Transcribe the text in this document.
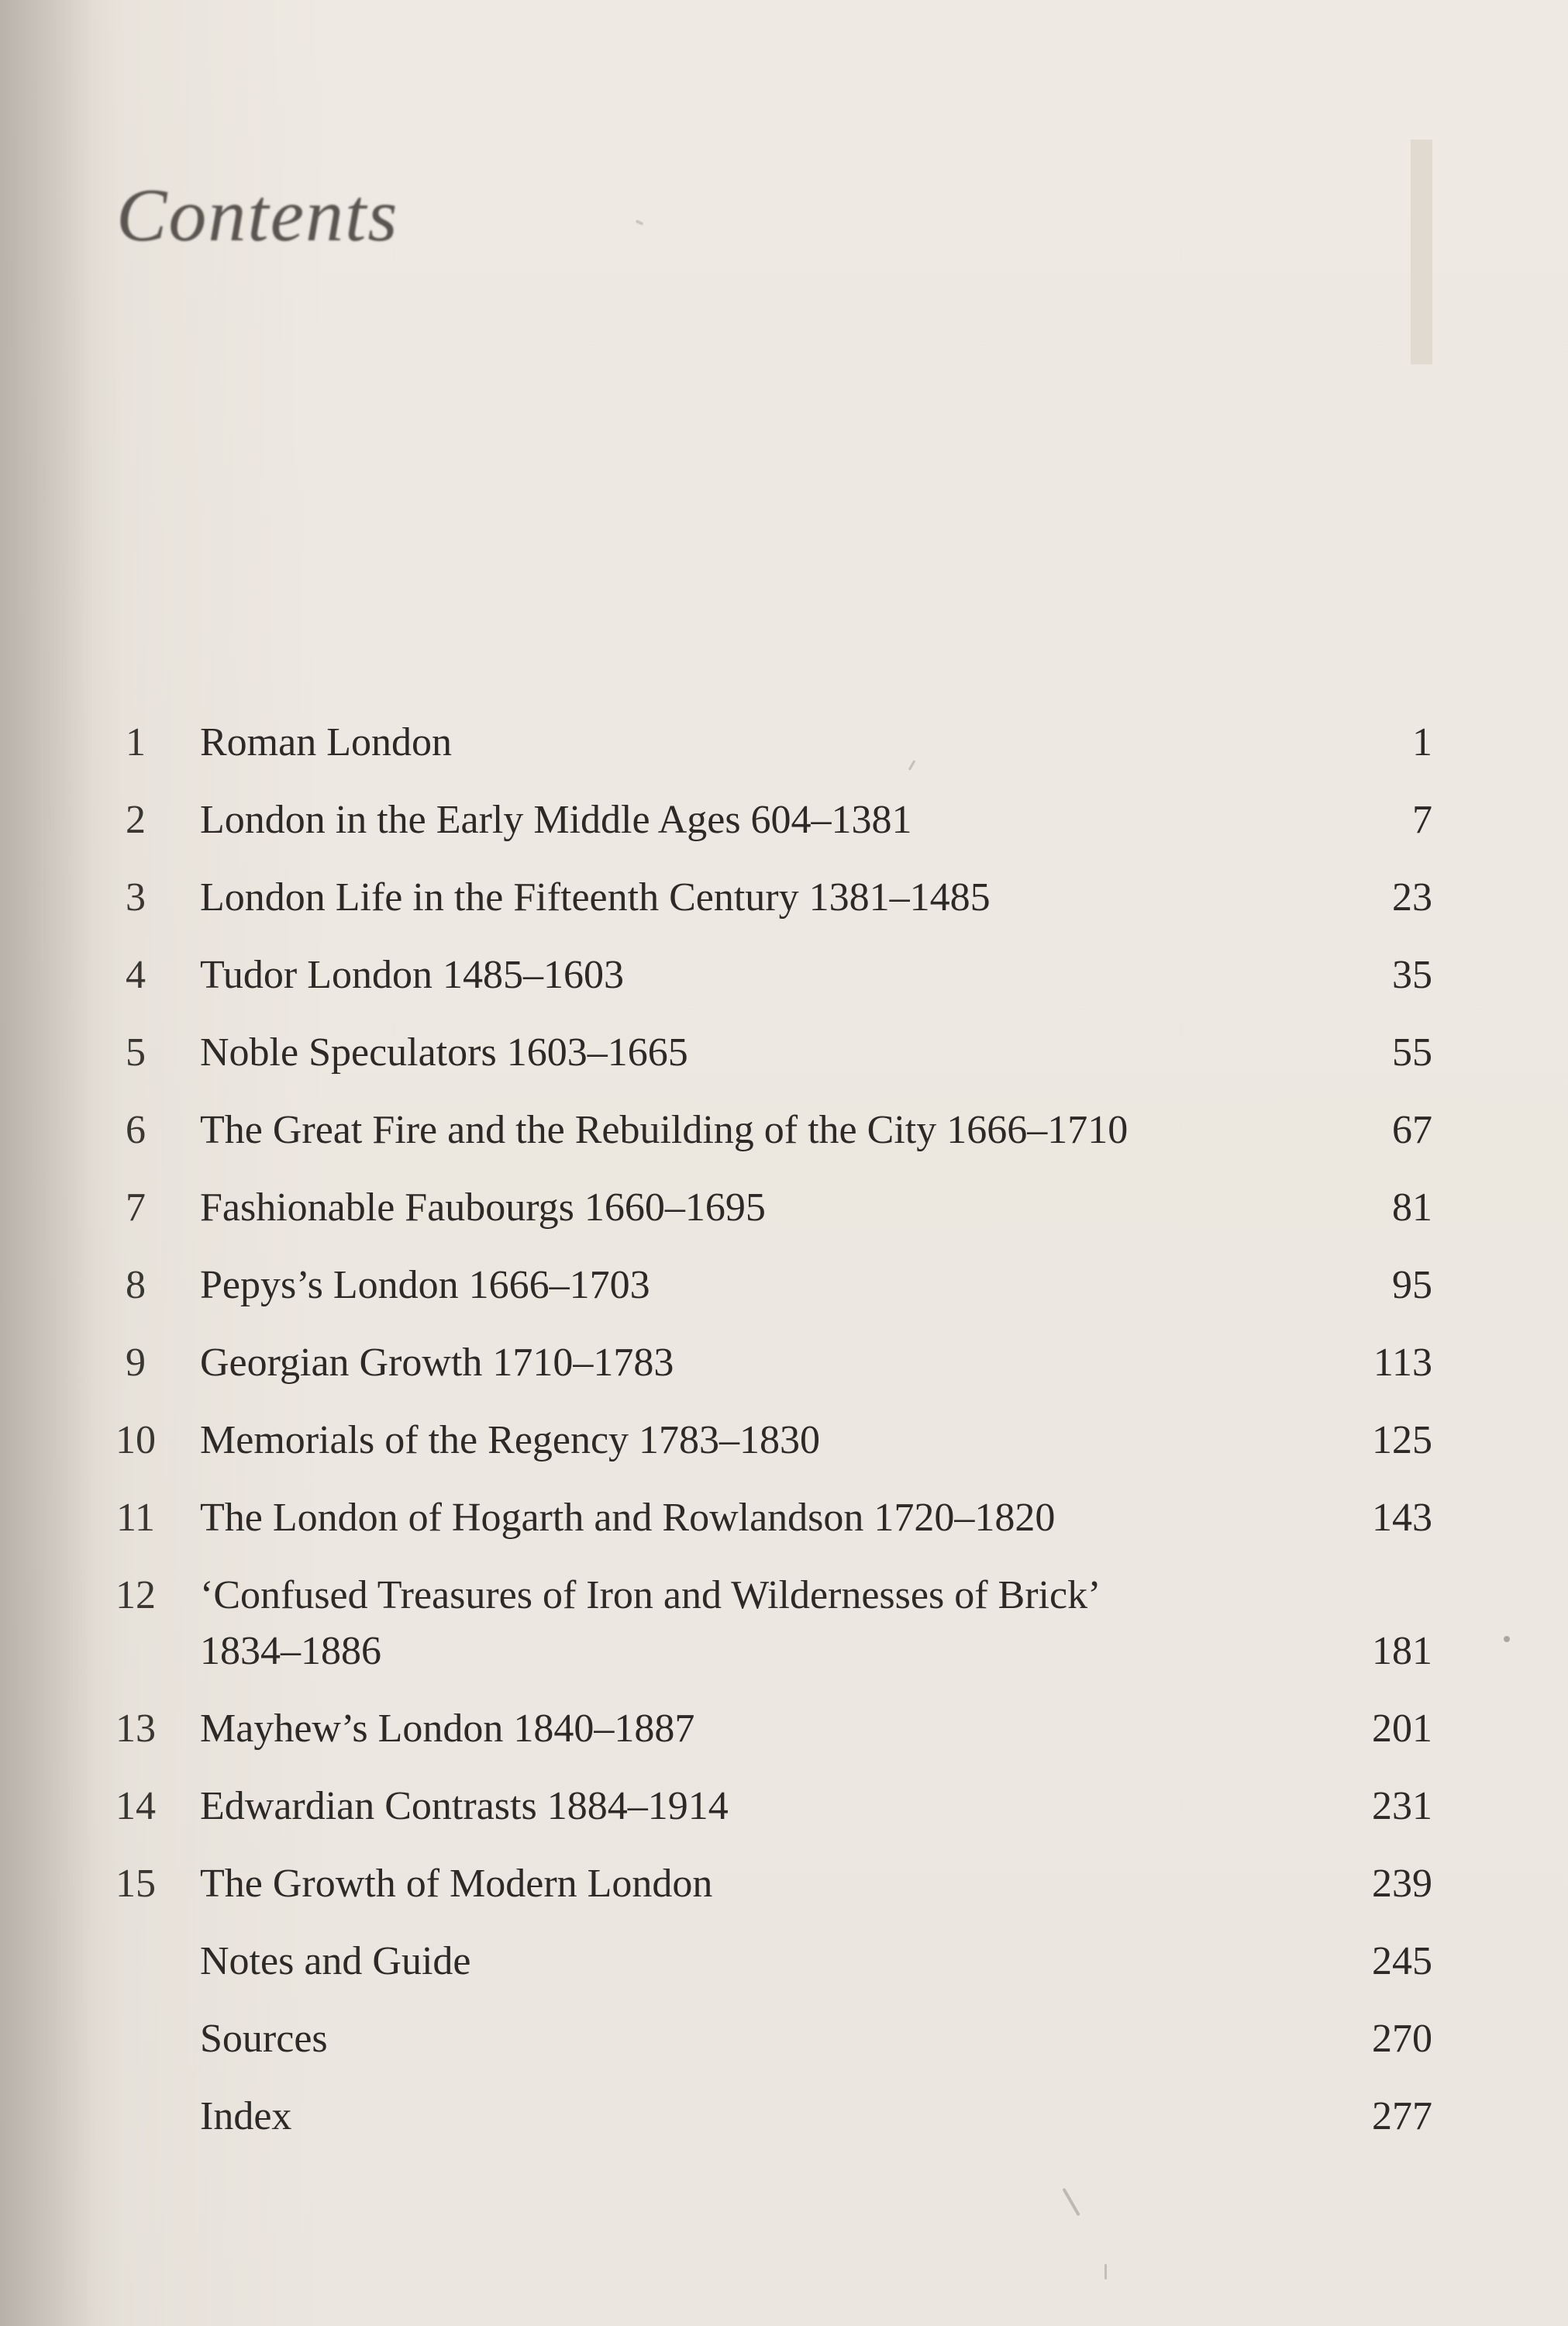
Contents
1	Roman London	1
2	London in the Early Middle Ages 604–1381	7
3	London Life in the Fifteenth Century 1381–1485	23
4	Tudor London 1485–1603	35
5	Noble Speculators 1603–1665	55
6	The Great Fire and the Rebuilding of the City 1666–1710	67
7	Fashionable Faubourgs 1660–1695	81
8	Pepys’s London 1666–1703	95
9	Georgian Growth 1710–1783	113
10	Memorials of the Regency 1783–1830	125
11	The London of Hogarth and Rowlandson 1720–1820	143
12	‘Confused Treasures of Iron and Wildernesses of Brick’
1834–1886	181
13	Mayhew’s London 1840–1887	201
14	Edwardian Contrasts 1884–1914	231
15	The Growth of Modern London	239
Notes and Guide	245
Sources	270
Index	277
